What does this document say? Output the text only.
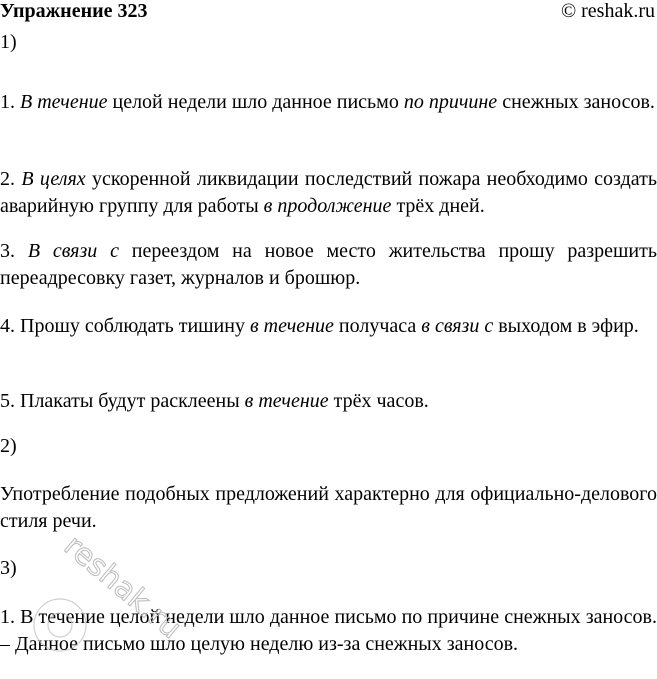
Упражнение 323	© reshak.ru
1)
1. В течение целой недели шло данное письмо по причине снежных заносов.
2. В целях ускоренной ликвидации последствий пожара необходимо создать аварийную группу для работы в продолжение трёх дней.
3. В связи с переездом на новое место жительства прошу разрешить переадресовку газет, журналов и брошюр.
4. Прошу соблюдать тишину в течение получаса в связи с выходом в эфир.
5. Плакаты будут расклеены в течение трёх часов.
2)
Употребление подобных предложений характерно для официально-делового стиля речи.
3)
1. В течение целой недели шло данное письмо по причине снежных заносов. – Данное письмо шло целую неделю из-за снежных заносов.
reshak.ru
